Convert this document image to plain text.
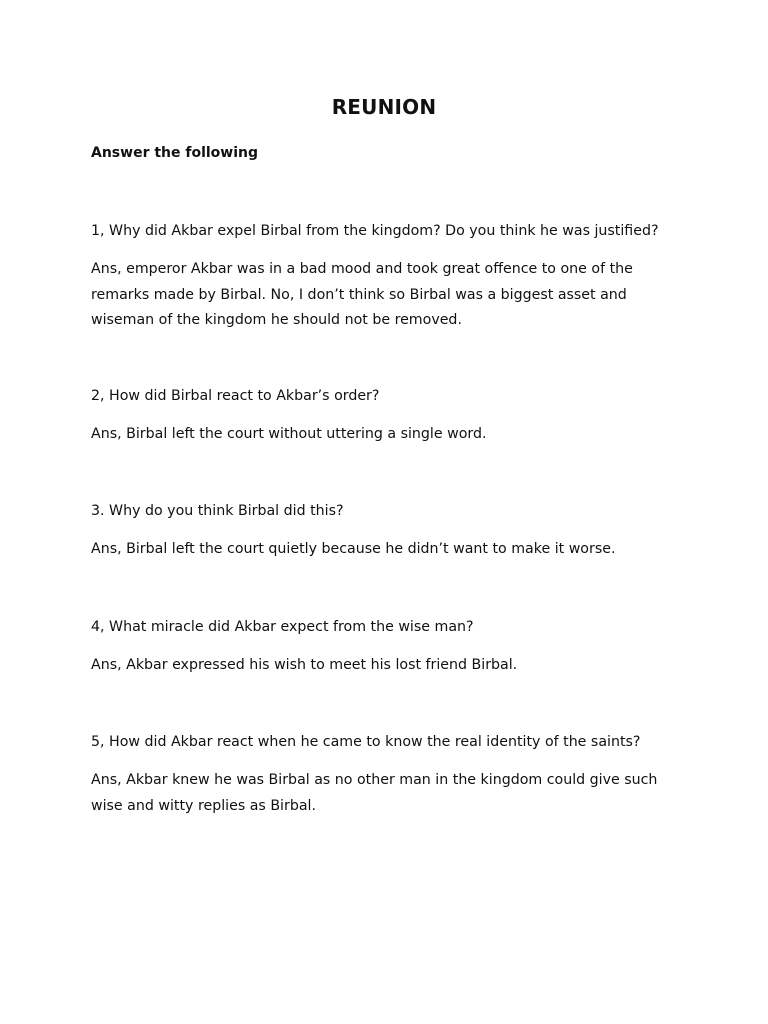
REUNION
Answer the following

1, Why did Akbar expel Birbal from the kingdom? Do you think he was justified?

Ans, emperor Akbar was in a bad mood and took great offence to one of the remarks made by Birbal. No, I don’t think so Birbal was a biggest asset and wiseman of the kingdom he should not be removed.

2, How did Birbal react to Akbar’s order?

Ans, Birbal left the court without uttering a single word.

3. Why do you think Birbal did this?

Ans, Birbal left the court quietly because he didn’t want to make it worse.

4, What miracle did Akbar expect from the wise man?

Ans, Akbar expressed his wish to meet his lost friend Birbal.

5, How did Akbar react when he came to know the real identity of the saints?

Ans, Akbar knew he was Birbal as no other man in the kingdom could give such wise and witty replies as Birbal.
